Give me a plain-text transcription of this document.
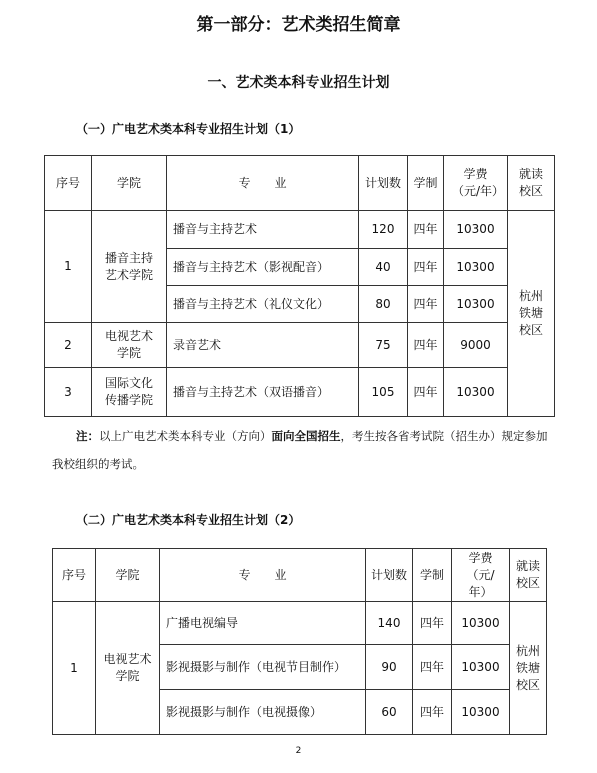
第一部分：艺术类招生简章
一、艺术类本科专业招生计划
（一）广电艺术类本科专业招生计划（1）
序号	学院	专　　业	计划数	学制	学费（元/年）	就读校区
1	播音主持艺术学院	播音与主持艺术	120	四年	10300	杭州铁塘校区
		播音与主持艺术（影视配音）	40	四年	10300	
		播音与主持艺术（礼仪文化）	80	四年	10300	
2	电视艺术学院	录音艺术	75	四年	9000	
3	国际文化传播学院	播音与主持艺术（双语播音）	105	四年	10300	
注：以上广电艺术类本科专业（方向）面向全国招生，考生按各省考试院（招生办）规定参加我校组织的考试。
（二）广电艺术类本科专业招生计划（2）
序号	学院	专　　业	计划数	学制	学费（元/年）	就读校区
1	电视艺术学院	广播电视编导	140	四年	10300	杭州铁塘校区
		影视摄影与制作（电视节目制作）	90	四年	10300	
		影视摄影与制作（电视摄像）	60	四年	10300	
2
